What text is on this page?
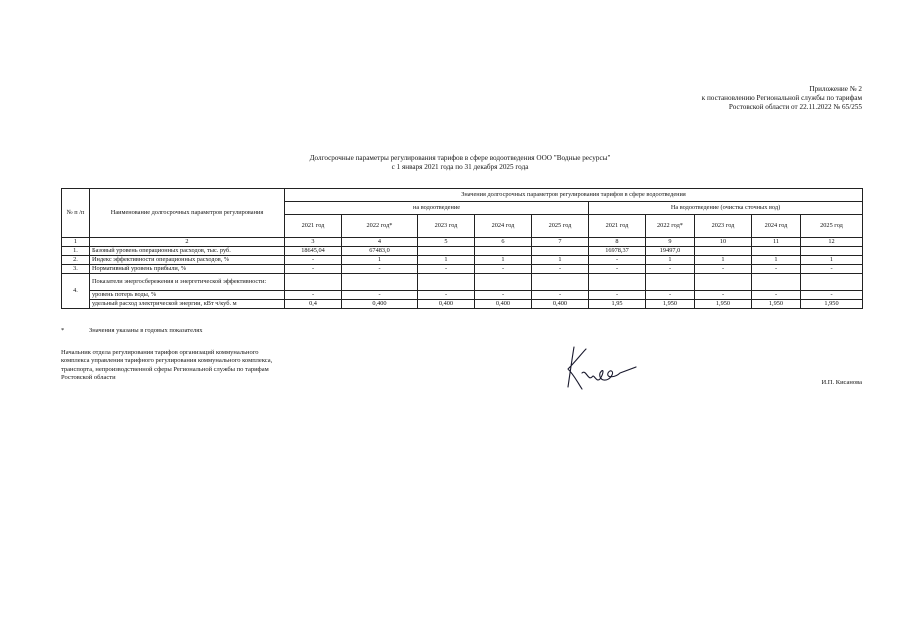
Приложение № 2
к постановлению Региональной службы по тарифам
Ростовской области от 22.11.2022 № 65/255
Долгосрочные параметры регулирования тарифов в сфере водоотведения ООО "Водные ресурсы"
с 1 января 2021 года по 31 декабря 2025 года
№ п /п	Наименование долгосрочных параметров регулирования	Значения долгосрочных параметров регулирования тарифов в сфере водоотведения									
		на водоотведение					На водоотведение (очистка сточных вод)				
		2021 год	2022 год*	2023 год	2024 год	2025 год	2021 год	2022 год*	2023 год	2024 год	2025 год
1	2	3	4	5	6	7	8	9	10	11	12
1.	Базовый уровень операционных расходов, тыс. руб.	18645,04	67483,0				16978,37	19497,0			
2.	Индекс эффективности операционных расходов, %	-	1	1	1	1	-	1	1	1	1
3.	Нормативный уровень прибыли, %	-	-	-	-	-	-	-	-	-	-
4.	Показатели энергосбережения и энергетической эффективности:										
	уровень потерь воды, %	-	-	-	-	-	-	-	-	-	-
	удельный расход электрической энергии, кВт ч/куб. м	0,4	0,400	0,400	0,400	0,400	1,95	1,950	1,950	1,950	1,950
*	Значения указаны в годовых показателях
Начальник отдела регулирования тарифов организаций коммунального
комплекса управления тарифного регулирования коммунального комплекса,
транспорта, непроизводственной сферы Региональной службы по тарифам
Ростовской области
И.П. Кисанова
